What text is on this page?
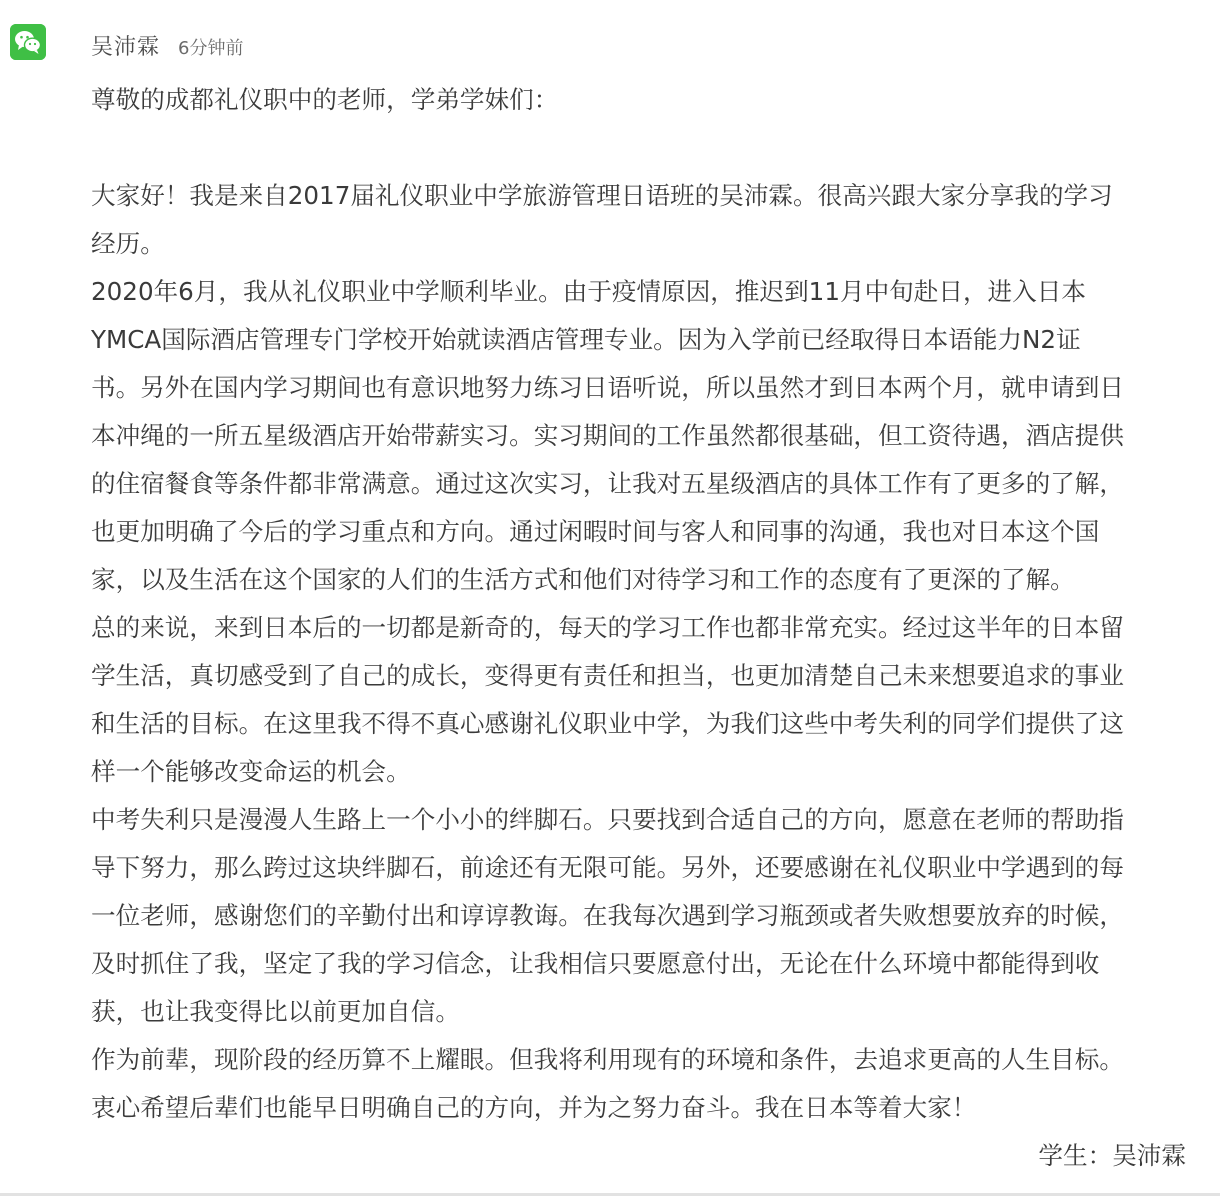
吴沛霖 6分钟前
尊敬的成都礼仪职中的老师，学弟学妹们：
大家好！我是来自2017届礼仪职业中学旅游管理日语班的吴沛霖。很高兴跟大家分享我的学习
经历。
2020年6月，我从礼仪职业中学顺利毕业。由于疫情原因，推迟到11月中旬赴日，进入日本
YMCA国际酒店管理专门学校开始就读酒店管理专业。因为入学前已经取得日本语能力N2证
书。另外在国内学习期间也有意识地努力练习日语听说，所以虽然才到日本两个月，就申请到日
本冲绳的一所五星级酒店开始带薪实习。实习期间的工作虽然都很基础，但工资待遇，酒店提供
的住宿餐食等条件都非常满意。通过这次实习，让我对五星级酒店的具体工作有了更多的了解，
也更加明确了今后的学习重点和方向。通过闲暇时间与客人和同事的沟通，我也对日本这个国
家，以及生活在这个国家的人们的生活方式和他们对待学习和工作的态度有了更深的了解。
总的来说，来到日本后的一切都是新奇的，每天的学习工作也都非常充实。经过这半年的日本留
学生活，真切感受到了自己的成长，变得更有责任和担当，也更加清楚自己未来想要追求的事业
和生活的目标。在这里我不得不真心感谢礼仪职业中学，为我们这些中考失利的同学们提供了这
样一个能够改变命运的机会。
中考失利只是漫漫人生路上一个小小的绊脚石。只要找到合适自己的方向，愿意在老师的帮助指
导下努力，那么跨过这块绊脚石，前途还有无限可能。另外，还要感谢在礼仪职业中学遇到的每
一位老师，感谢您们的辛勤付出和谆谆教诲。在我每次遇到学习瓶颈或者失败想要放弃的时候，
及时抓住了我，坚定了我的学习信念，让我相信只要愿意付出，无论在什么环境中都能得到收
获，也让我变得比以前更加自信。
作为前辈，现阶段的经历算不上耀眼。但我将利用现有的环境和条件，去追求更高的人生目标。
衷心希望后辈们也能早日明确自己的方向，并为之努力奋斗。我在日本等着大家！
学生：吴沛霖
